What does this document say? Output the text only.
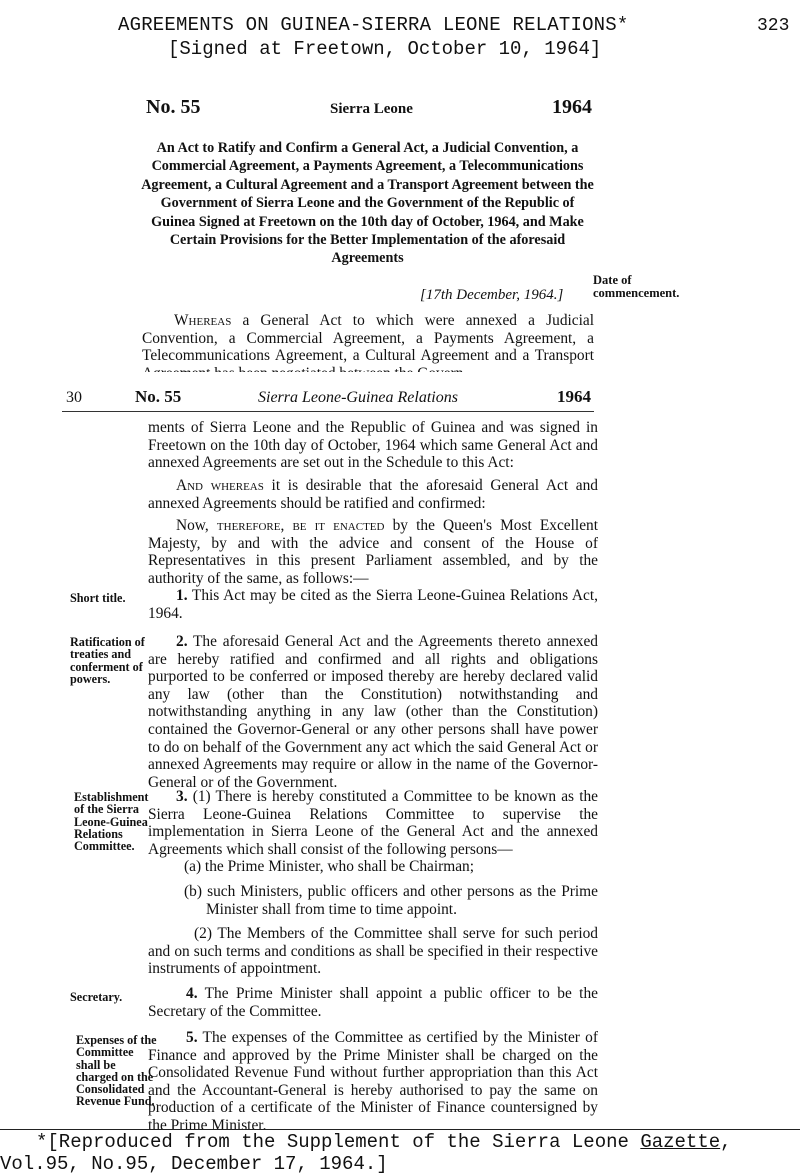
AGREEMENTS ON GUINEA-SIERRA LEONE RELATIONS*
[Signed at Freetown, October 10, 1964]
323
No. 55	Sierra Leone	1964
An Act to Ratify and Confirm a General Act, a Judicial Convention, a Commercial Agreement, a Payments Agreement, a Telecommunications Agreement, a Cultural Agreement and a Transport Agreement between the Government of Sierra Leone and the Government of the Republic of Guinea Signed at Freetown on the 10th day of October, 1964, and Make Certain Provisions for the Better Implementation of the aforesaid Agreements
[17th December, 1964.]
Date of commencement.
Whereas a General Act to which were annexed a Judicial Convention, a Commercial Agreement, a Payments Agreement, a Telecommunications Agreement, a Cultural Agreement and a Transport
30	No. 55	Sierra Leone-Guinea Relations	1964
ments of Sierra Leone and the Republic of Guinea and was signed in Freetown on the 10th day of October, 1964 which same General Act and annexed Agreements are set out in the Schedule to this Act:
And whereas it is desirable that the aforesaid General Act and annexed Agreements should be ratified and confirmed:
Now, therefore, be it enacted by the Queen's Most Excellent Majesty, by and with the advice and consent of the House of Representatives in this present Parliament assembled, and by the authority of the same, as follows:—
Short title.	1. This Act may be cited as the Sierra Leone-Guinea Relations Act, 1964.
Ratification of treaties and conferment of powers.
2. The aforesaid General Act and the Agreements thereto annexed are hereby ratified and confirmed and all rights and obligations purported to be conferred or imposed thereby are hereby declared valid any law (other than the Constitution) notwithstanding and notwithstanding anything in any law (other than the Constitution) contained the Governor-General or any other persons shall have power to do on behalf of the Government any act which the said General Act or annexed Agreements may require or allow in the name of the Governor-General or of the Government.
Establishment of the Sierra Leone-Guinea Relations Committee.
3. (1) There is hereby constituted a Committee to be known as the Sierra Leone-Guinea Relations Committee to supervise the implementation in Sierra Leone of the General Act and the annexed Agreements which shall consist of the following persons—
(a) the Prime Minister, who shall be Chairman;
(b) such Ministers, public officers and other persons as the Prime Minister shall from time to time appoint.
(2) The Members of the Committee shall serve for such period and on such terms and conditions as shall be specified in their respective instruments of appointment.
Secretary.	4. The Prime Minister shall appoint a public officer to be the Secretary of the Committee.
Expenses of the Committee shall be charged on the Consolidated Revenue Fund.
5. The expenses of the Committee as certified by the Minister of Finance and approved by the Prime Minister shall be charged on the Consolidated Revenue Fund without further appropriation than this Act and the Accountant-General is hereby authorised to pay the same on production of a certificate of the Minister of Finance countersigned by the Prime Minister.
*[Reproduced from the Supplement of the Sierra Leone Gazette,
Vol.95, No.95, December 17, 1964.]
